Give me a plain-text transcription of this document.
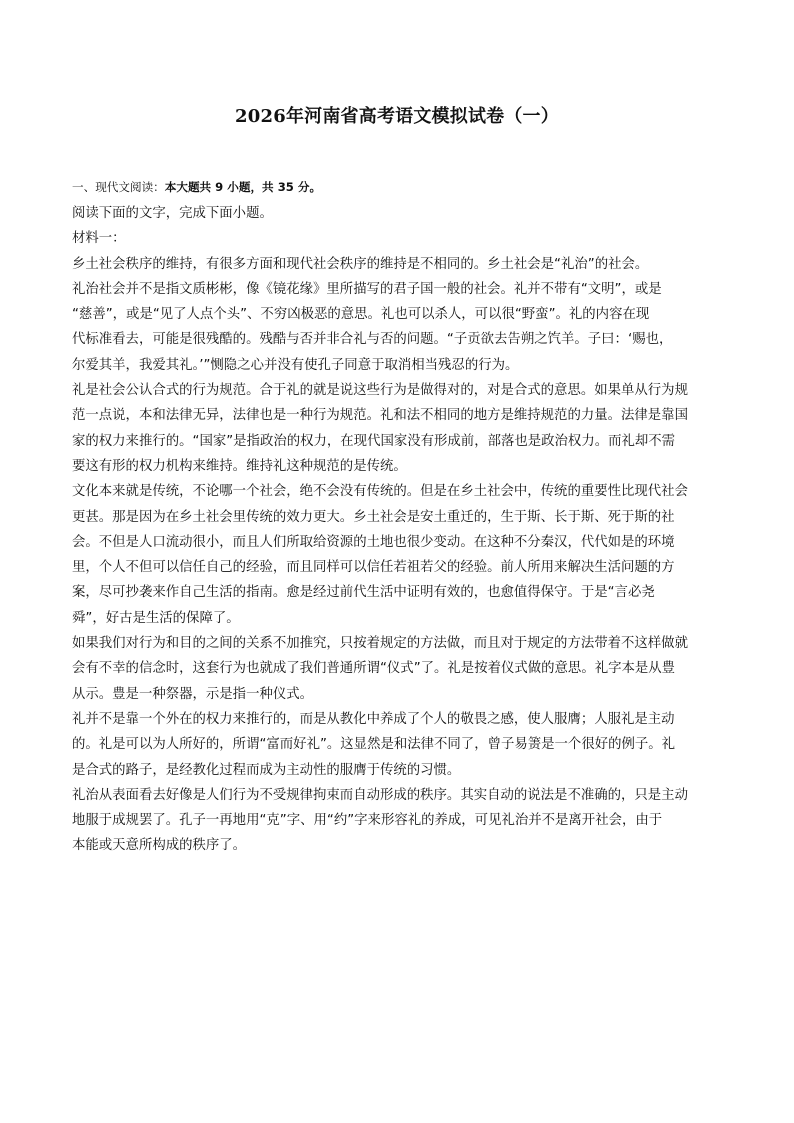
2026年河南省高考语文模拟试卷（一）
一、现代文阅读：本大题共 9 小题，共 35 分。
阅读下面的文字，完成下面小题。
材料一：
乡土社会秩序的维持，有很多方面和现代社会秩序的维持是不相同的。乡土社会是“礼治”的社会。
礼治社会并不是指文质彬彬，像《镜花缘》里所描写的君子国一般的社会。礼并不带有“文明”，或是
“慈善”，或是“见了人点个头”、不穷凶极恶的意思。礼也可以杀人，可以很“野蛮”。礼的内容在现
代标准看去，可能是很残酷的。残酷与否并非合礼与否的问题。“子贡欲去告朔之饩羊。子曰：‘赐也，
尔爱其羊，我爱其礼。’”恻隐之心并没有使孔子同意于取消相当残忍的行为。
礼是社会公认合式的行为规范。合于礼的就是说这些行为是做得对的，对是合式的意思。如果单从行为规
范一点说，本和法律无异，法律也是一种行为规范。礼和法不相同的地方是维持规范的力量。法律是靠国
家的权力来推行的。“国家”是指政治的权力，在现代国家没有形成前，部落也是政治权力。而礼却不需
要这有形的权力机构来维持。维持礼这种规范的是传统。
文化本来就是传统，不论哪一个社会，绝不会没有传统的。但是在乡土社会中，传统的重要性比现代社会
更甚。那是因为在乡土社会里传统的效力更大。乡土社会是安土重迁的，生于斯、长于斯、死于斯的社
会。不但是人口流动很小，而且人们所取给资源的土地也很少变动。在这种不分秦汉，代代如是的环境
里，个人不但可以信任自己的经验，而且同样可以信任若祖若父的经验。前人所用来解决生活问题的方
案，尽可抄袭来作自己生活的指南。愈是经过前代生活中证明有效的，也愈值得保守。于是“言必尧
舜”，好古是生活的保障了。
如果我们对行为和目的之间的关系不加推究，只按着规定的方法做，而且对于规定的方法带着不这样做就
会有不幸的信念时，这套行为也就成了我们普通所谓“仪式”了。礼是按着仪式做的意思。礼字本是从豊
从示。豊是一种祭器，示是指一种仪式。
礼并不是靠一个外在的权力来推行的，而是从教化中养成了个人的敬畏之感，使人服膺；人服礼是主动
的。礼是可以为人所好的，所谓“富而好礼”。这显然是和法律不同了，曾子易箦是一个很好的例子。礼
是合式的路子，是经教化过程而成为主动性的服膺于传统的习惯。
礼治从表面看去好像是人们行为不受规律拘束而自动形成的秩序。其实自动的说法是不准确的，只是主动
地服于成规罢了。孔子一再地用“克”字、用“约”字来形容礼的养成，可见礼治并不是离开社会，由于
本能或天意所构成的秩序了。
